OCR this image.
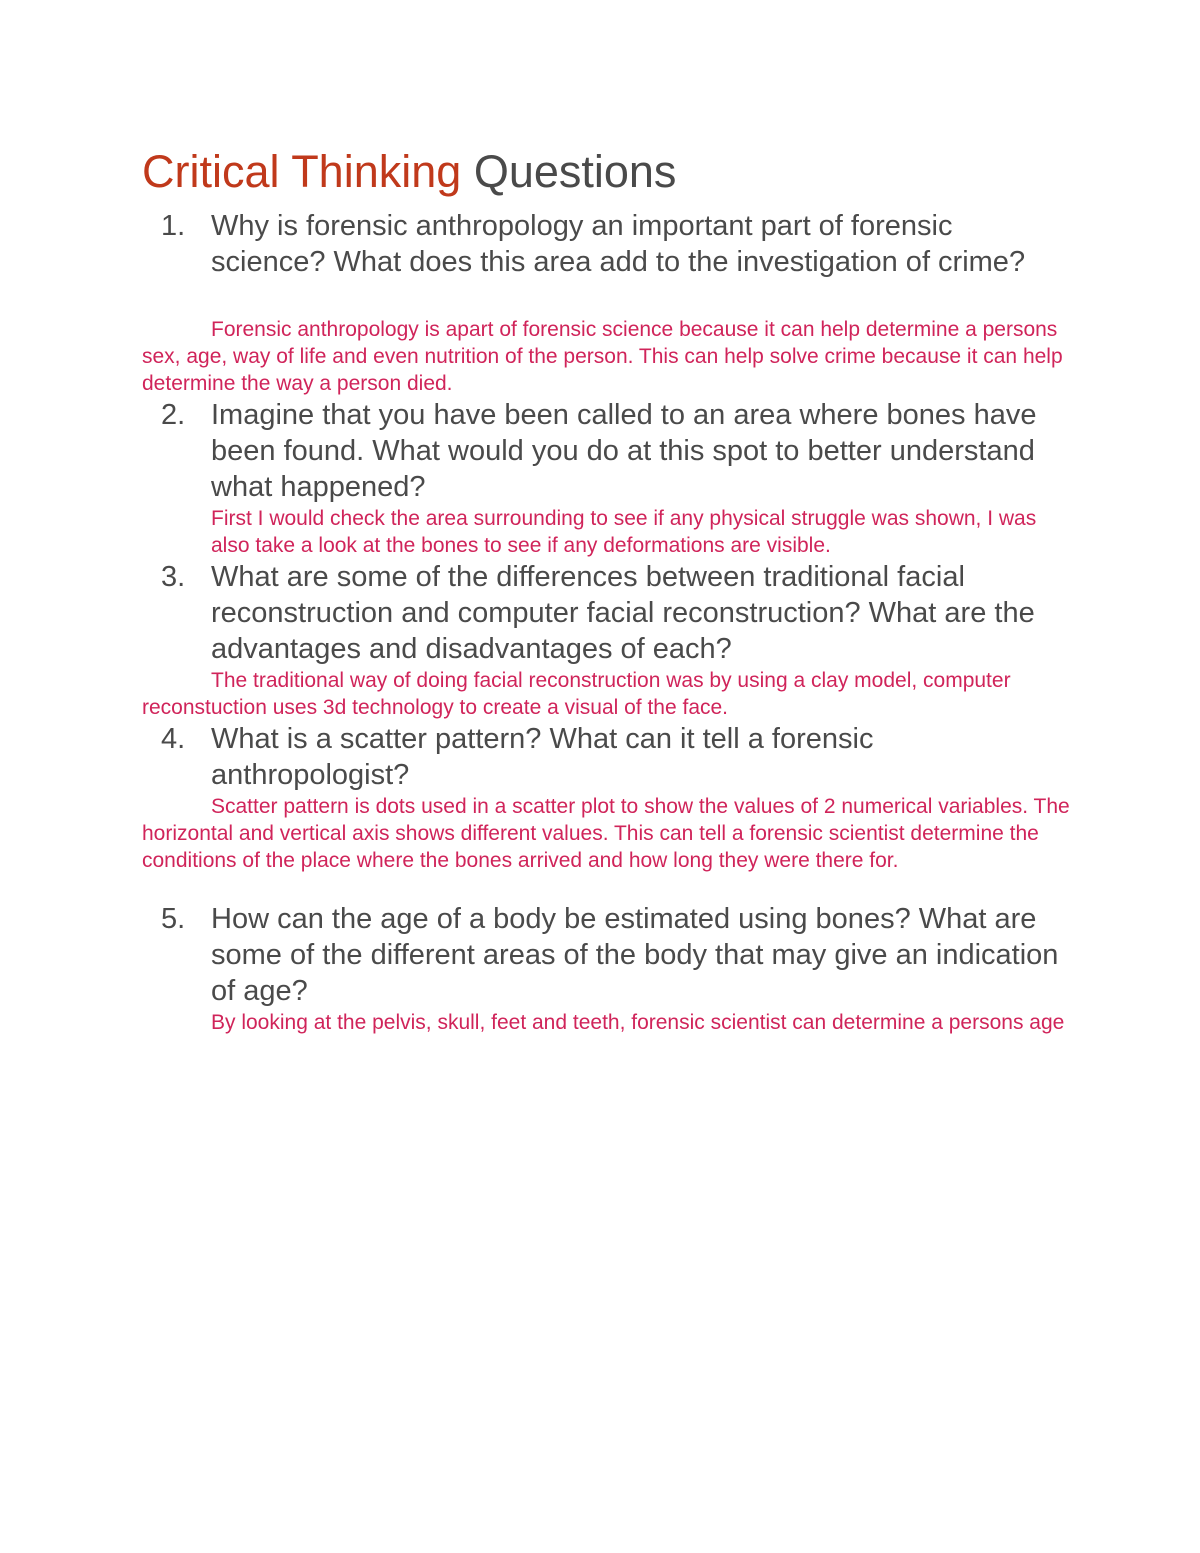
Critical Thinking Questions
1. Why is forensic anthropology an important part of forensic science? What does this area add to the investigation of crime?
Forensic anthropology is apart of forensic science because it can help determine a persons sex, age, way of life and even nutrition of the person. This can help solve crime because it can help determine the way a person died.
2. Imagine that you have been called to an area where bones have been found. What would you do at this spot to better understand what happened?
First I would check the area surrounding to see if any physical struggle was shown, I was also take a look at the bones to see if any deformations are visible.
3. What are some of the differences between traditional facial reconstruction and computer facial reconstruction? What are the advantages and disadvantages of each?
The traditional way of doing facial reconstruction was by using a clay model, computer reconstuction uses 3d technology to create a visual of the face.
4. What is a scatter pattern? What can it tell a forensic anthropologist?
Scatter pattern is dots used in a scatter plot to show the values of 2 numerical variables. The horizontal and vertical axis shows different values. This can tell a forensic scientist determine the conditions of the place where the bones arrived and how long they were there for.
5. How can the age of a body be estimated using bones? What are some of the different areas of the body that may give an indication of age?
By looking at the pelvis, skull, feet and teeth, forensic scientist can determine a persons age
